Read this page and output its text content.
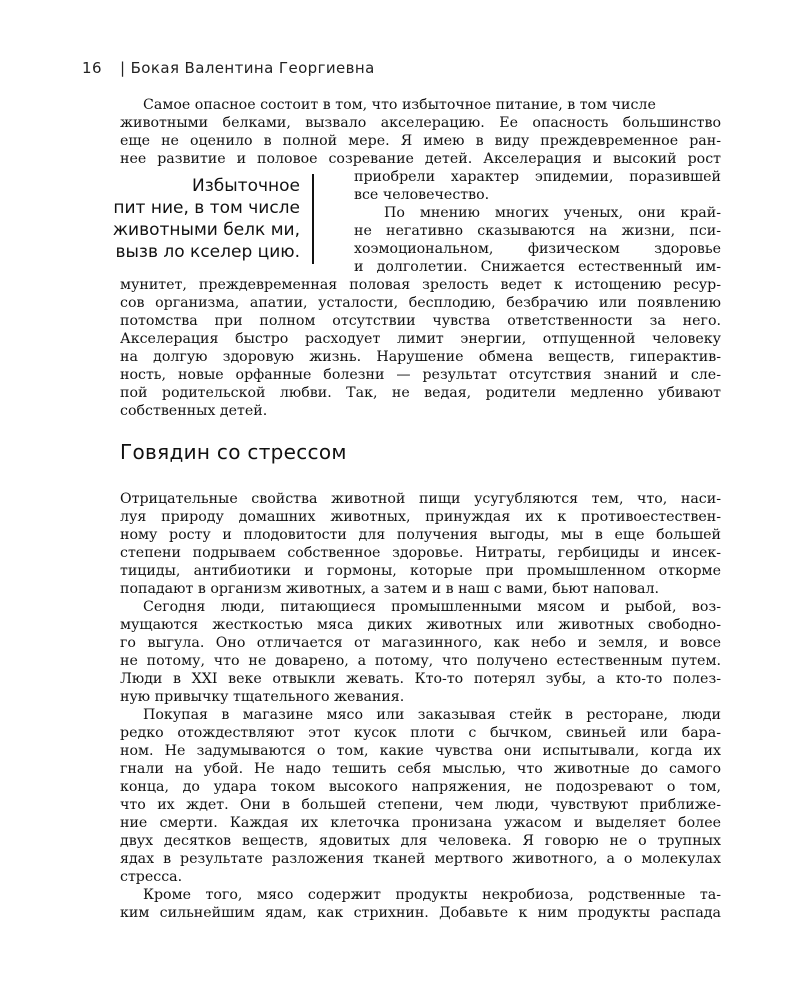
16 | Бокая Валентина Георгиевна
Самое опасное состоит в том, что избыточное питание, в том числе
животными белками, вызвало акселерацию. Ее опасность большинство
еще не оценило в полной мере. Я имею в виду преждевременное ран-
нее развитие и половое созревание детей. Акселерация и высокий рост
приобрели характер эпидемии, поразившей
все человечество.
Избыточное
пит ние, в том числе
животными белк ми,
вызв ло ксeлер цию.
По мнению многих ученых, они край-
не негативно сказываются на жизни, пси-
хоэмоциональном, физическом здоровье
и долголетии. Снижается естественный им-
мунитет, преждевременная половая зрелость ведет к истощению ресур-
сов организма, апатии, усталости, бесплодию, безбрачию или появлению
потомства при полном отсутствии чувства ответственности за него.
Акселерация быстро расходует лимит энергии, отпущенной человеку
на долгую здоровую жизнь. Нарушение обмена веществ, гиперактив-
ность, новые орфанные болезни — результат отсутствия знаний и сле-
пой родительской любви. Так, не ведая, родители медленно убивают
собственных детей.
Говядин со стрессом
Отрицательные свойства животной пищи усугубляются тем, что, наси-
луя природу домашних животных, принуждая их к противоестествен-
ному росту и плодовитости для получения выгоды, мы в еще большей
степени подрываем собственное здоровье. Нитраты, гербициды и инсек-
тициды, антибиотики и гормоны, которые при промышленном откорме
попадают в организм животных, а затем и в наш с вами, бьют наповал.
Сегодня люди, питающиеся промышленными мясом и рыбой, воз-
мущаются жесткостью мяса диких животных или животных свободно-
го выгула. Оно отличается от магазинного, как небо и земля, и вовсе
не потому, что не доварено, а потому, что получено естественным путем.
Люди в XXI веке отвыкли жевать. Кто-то потерял зубы, а кто-то полез-
ную привычку тщательного жевания.
Покупая в магазине мясо или заказывая стейк в ресторане, люди
редко отождествляют этот кусок плоти с бычком, свиньей или бара-
ном. Не задумываются о том, какие чувства они испытывали, когда их
гнали на убой. Не надо тешить себя мыслью, что животные до самого
конца, до удара током высокого напряжения, не подозревают о том,
что их ждет. Они в большей степени, чем люди, чувствуют приближе-
ние смерти. Каждая их клеточка пронизана ужасом и выделяет более
двух десятков веществ, ядовитых для человека. Я говорю не о трупных
ядах в результате разложения тканей мертвого животного, а о молекулах
стресса.
Кроме того, мясо содержит продукты некробиоза, родственные та-
ким сильнейшим ядам, как стрихнин. Добавьте к ним продукты распада
